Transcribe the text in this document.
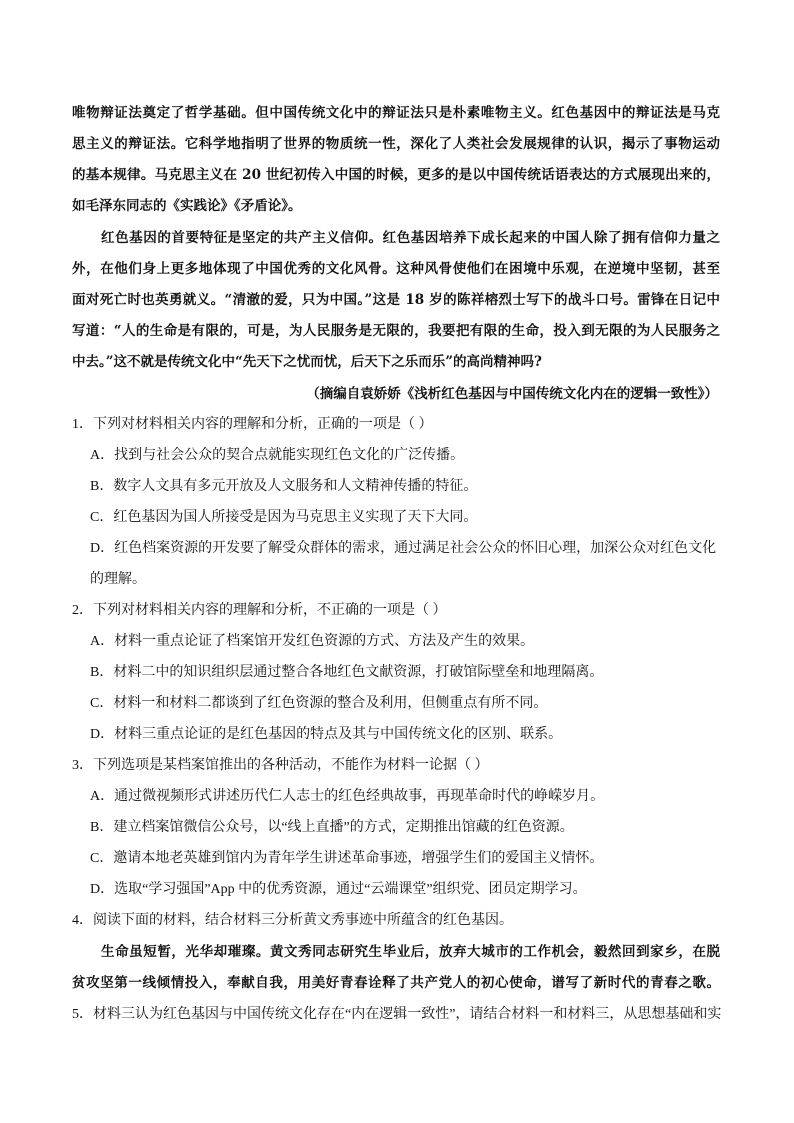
唯物辩证法奠定了哲学基础。但中国传统文化中的辩证法只是朴素唯物主义。红色基因中的辩证法是马克
思主义的辩证法。它科学地指明了世界的物质统一性，深化了人类社会发展规律的认识，揭示了事物运动
的基本规律。马克思主义在 20 世纪初传入中国的时候，更多的是以中国传统话语表达的方式展现出来的，
如毛泽东同志的《实践论》《矛盾论》。
红色基因的首要特征是坚定的共产主义信仰。红色基因培养下成长起来的中国人除了拥有信仰力量之
外，在他们身上更多地体现了中国优秀的文化风骨。这种风骨使他们在困境中乐观，在逆境中坚韧，甚至
面对死亡时也英勇就义。“清澈的爱，只为中国。”这是 18 岁的陈祥榕烈士写下的战斗口号。雷锋在日记中
写道：“人的生命是有限的，可是，为人民服务是无限的，我要把有限的生命，投入到无限的为人民服务之
中去。”这不就是传统文化中“先天下之忧而忧，后天下之乐而乐”的高尚精神吗?
（摘编自袁娇娇《浅析红色基因与中国传统文化内在的逻辑一致性》）
1．下列对材料相关内容的理解和分析，正确的一项是（ ）
A．找到与社会公众的契合点就能实现红色文化的广泛传播。
B．数字人文具有多元开放及人文服务和人文精神传播的特征。
C．红色基因为国人所接受是因为马克思主义实现了天下大同。
D．红色档案资源的开发要了解受众群体的需求，通过满足社会公众的怀旧心理，加深公众对红色文化
的理解。
2．下列对材料相关内容的理解和分析，不正确的一项是（ ）
A．材料一重点论证了档案馆开发红色资源的方式、方法及产生的效果。
B．材料二中的知识组织层通过整合各地红色文献资源，打破馆际壁垒和地理隔离。
C．材料一和材料二都谈到了红色资源的整合及利用，但侧重点有所不同。
D．材料三重点论证的是红色基因的特点及其与中国传统文化的区别、联系。
3．下列选项是某档案馆推出的各种活动，不能作为材料一论据（ ）
A．通过微视频形式讲述历代仁人志士的红色经典故事，再现革命时代的峥嵘岁月。
B．建立档案馆微信公众号，以“线上直播”的方式，定期推出馆藏的红色资源。
C．邀请本地老英雄到馆内为青年学生讲述革命事迹，增强学生们的爱国主义情怀。
D．选取“学习强国”App 中的优秀资源，通过“云端课堂”组织党、团员定期学习。
4．阅读下面的材料，结合材料三分析黄文秀事迹中所蕴含的红色基因。
生命虽短暂，光华却璀璨。黄文秀同志研究生毕业后，放弃大城市的工作机会，毅然回到家乡，在脱
贫攻坚第一线倾情投入，奉献自我，用美好青春诠释了共产党人的初心使命，谱写了新时代的青春之歌。
5．材料三认为红色基因与中国传统文化存在“内在逻辑一致性”，请结合材料一和材料三，从思想基础和实
